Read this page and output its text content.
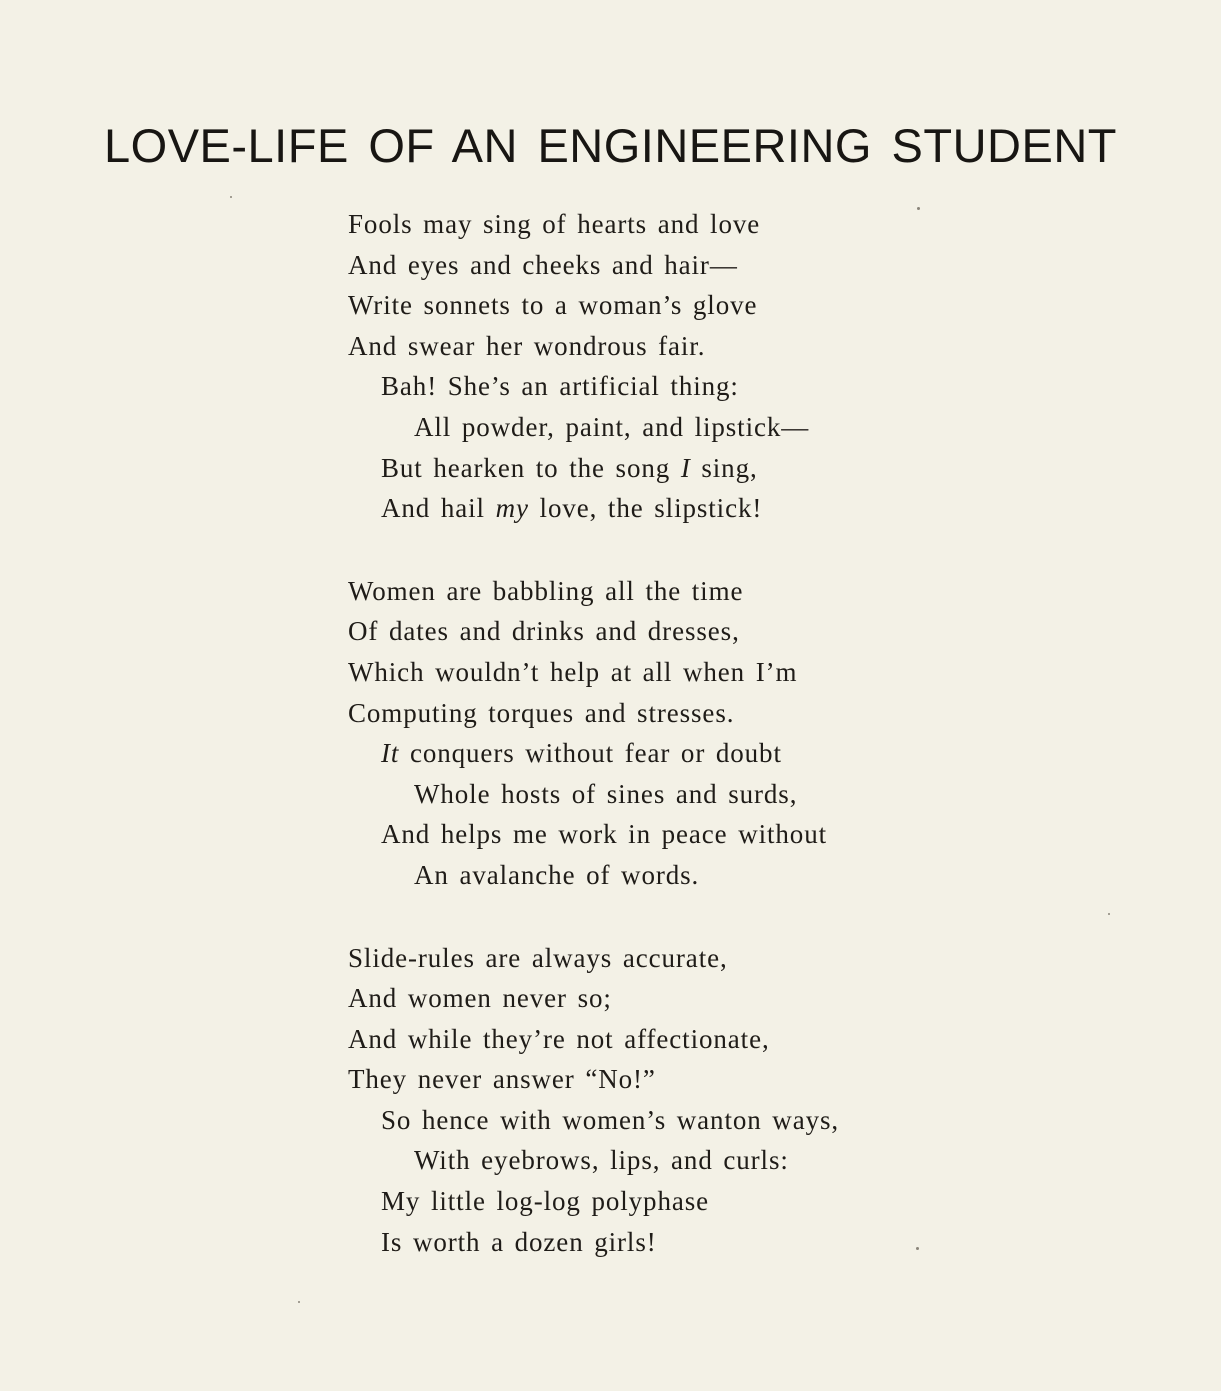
LOVE-LIFE OF AN ENGINEERING STUDENT
Fools may sing of hearts and love
And eyes and cheeks and hair—
Write sonnets to a woman’s glove
And swear her wondrous fair.
Bah! She’s an artificial thing:
All powder, paint, and lipstick—
But hearken to the song I sing,
And hail my love, the slipstick!
Women are babbling all the time
Of dates and drinks and dresses,
Which wouldn’t help at all when I’m
Computing torques and stresses.
It conquers without fear or doubt
Whole hosts of sines and surds,
And helps me work in peace without
An avalanche of words.
Slide-rules are always accurate,
And women never so;
And while they’re not affectionate,
They never answer “No!”
So hence with women’s wanton ways,
With eyebrows, lips, and curls:
My little log-log polyphase
Is worth a dozen girls!
